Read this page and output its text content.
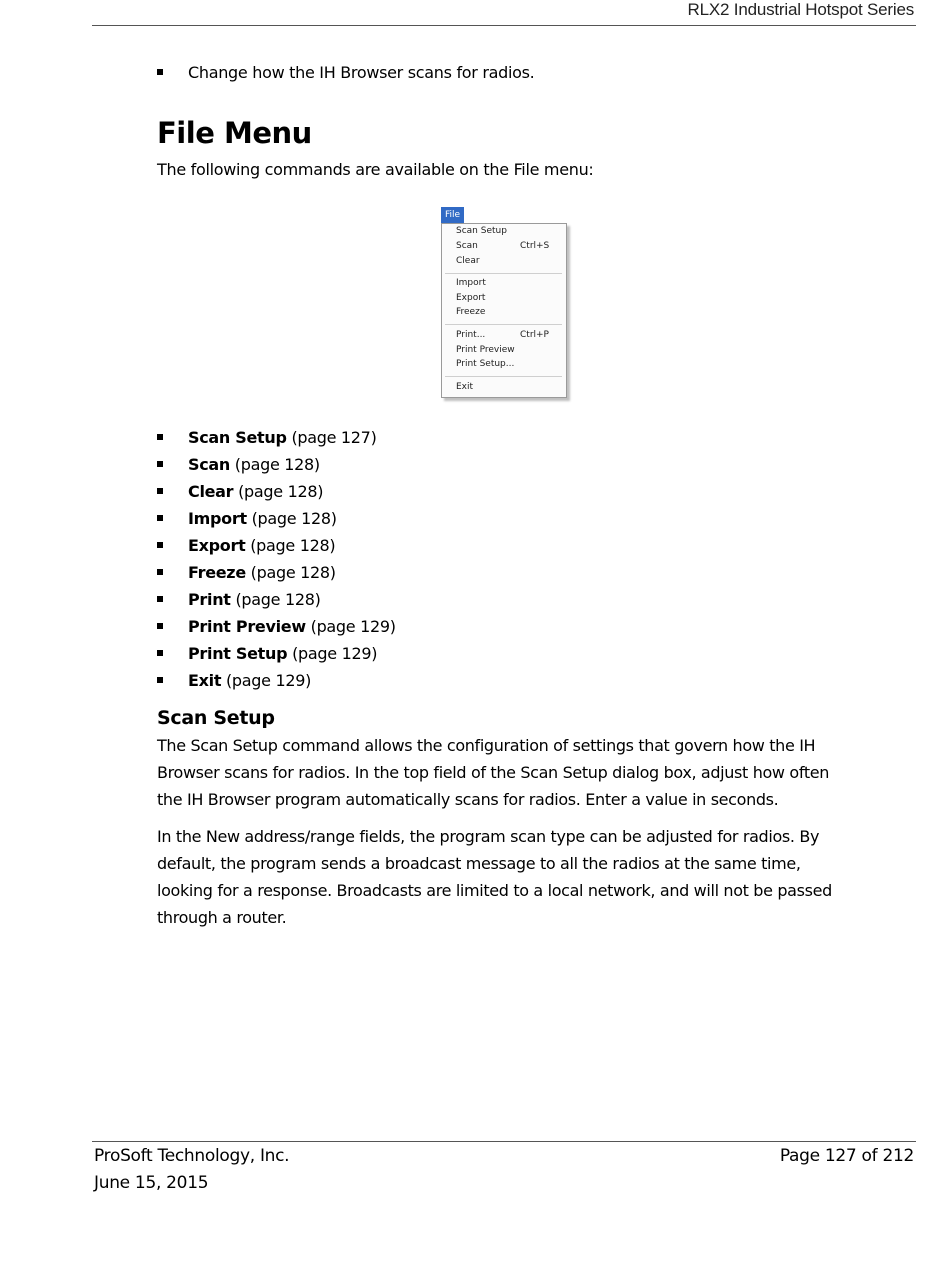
RLX2 Industrial Hotspot Series
Change how the IH Browser scans for radios.
File Menu
The following commands are available on the File menu:
Scan Setup (page 127)
Scan (page 128)
Clear (page 128)
Import (page 128)
Export (page 128)
Freeze (page 128)
Print (page 128)
Print Preview (page 129)
Print Setup (page 129)
Exit (page 129)
Scan Setup

The Scan Setup command allows the configuration of settings that govern how the IH Browser scans for radios. In the top field of the Scan Setup dialog box, adjust how often the IH Browser program automatically scans for radios. Enter a value in seconds.

In the New address/range fields, the program scan type can be adjusted for radios. By default, the program sends a broadcast message to all the radios at the same time, looking for a response. Broadcasts are limited to a local network, and will not be passed through a router.

File
Scan Setup
Scan	Ctrl+S
Clear
Import
Export
Freeze
Print...	Ctrl+P
Print Preview
Print Setup...
Exit
ProSoft Technology, Inc.	Page 127 of 212
June 15, 2015
